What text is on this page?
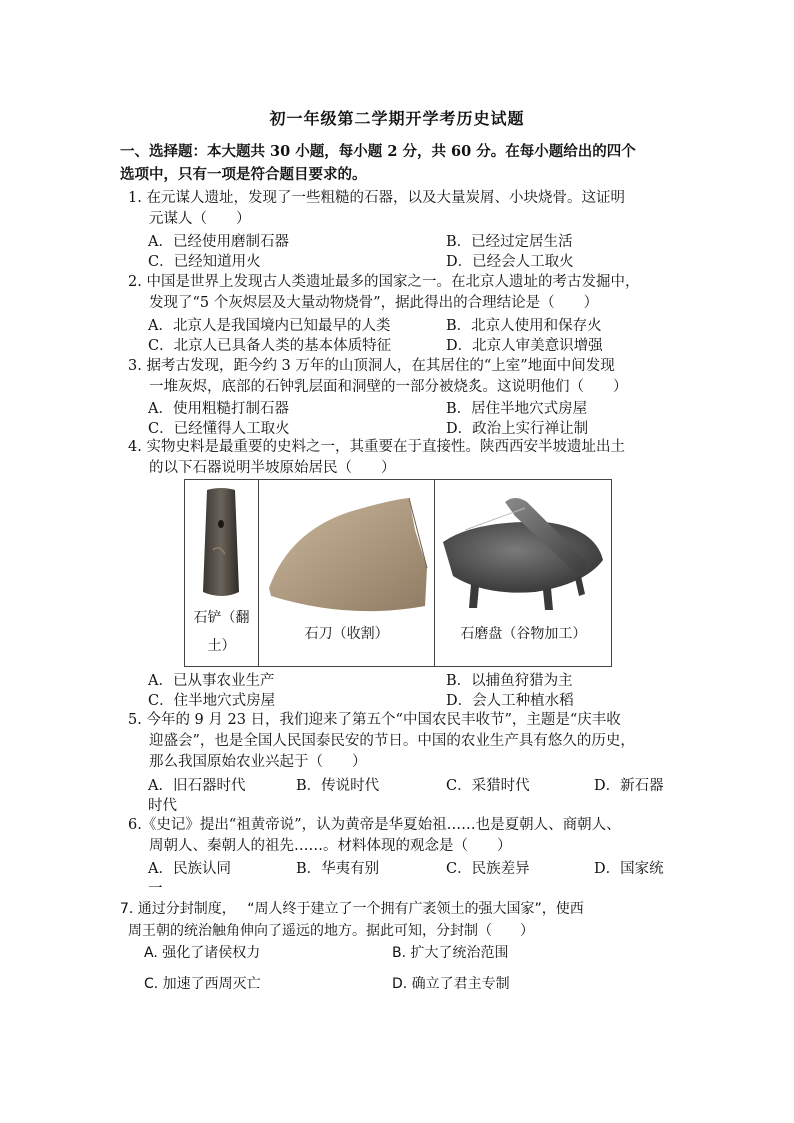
初一年级第二学期开学考历史试题
一、选择题：本大题共 30 小题，每小题 2 分，共 60 分。在每小题给出的四个
选项中，只有一项是符合题目要求的。
1. 在元谋人遗址，发现了一些粗糙的石器，以及大量炭屑、小块烧骨。这证明
元谋人（　　）
A．已经使用磨制石器	B．已经过定居生活
C．已经知道用火	D．已经会人工取火
2. 中国是世界上发现古人类遗址最多的国家之一。在北京人遗址的考古发掘中，
发现了“5 个灰烬层及大量动物烧骨”，据此得出的合理结论是（　　）
A．北京人是我国境内已知最早的人类	B．北京人使用和保存火
C．北京人已具备人类的基本体质特征	D．北京人审美意识增强
3. 据考古发现，距今约 3 万年的山顶洞人，在其居住的“上室”地面中间发现
一堆灰烬，底部的石钟乳层面和洞壁的一部分被烧炙。这说明他们（　　）
A．使用粗糙打制石器	B．居住半地穴式房屋
C．已经懂得人工取火	D．政治上实行禅让制
4. 实物史料是最重要的史料之一，其重要在于直接性。陕西西安半坡遗址出土
的以下石器说明半坡原始居民（　　）
石铲（翻
土）
石刀（收割）	石磨盘（谷物加工）
A．已从事农业生产	B．以捕鱼狩猎为主
C．住半地穴式房屋	D．会人工种植水稻
5. 今年的 9 月 23 日，我们迎来了第五个“中国农民丰收节”，主题是“庆丰收
迎盛会”，也是全国人民国泰民安的节日。中国的农业生产具有悠久的历史，
那么我国原始农业兴起于（　　）
A．旧石器时代	B．传说时代	C．采猎时代	D．新石器
时代
6.《史记》提出“祖黄帝说”，认为黄帝是华夏始祖……也是夏朝人、商朝人、
周朝人、秦朝人的祖先……。材料体现的观念是（　　）
A．民族认同	B．华夷有别	C．民族差异	D．国家统
一
7. 通过分封制度，　 “周人终于建立了一个拥有广袤领土的强大国家”，使西
周王朝的统治触角伸向了遥远的地方。据此可知，分封制（　　）
A. 强化了诸侯权力	B. 扩大了统治范围
C. 加速了西周灭亡	D. 确立了君主专制
